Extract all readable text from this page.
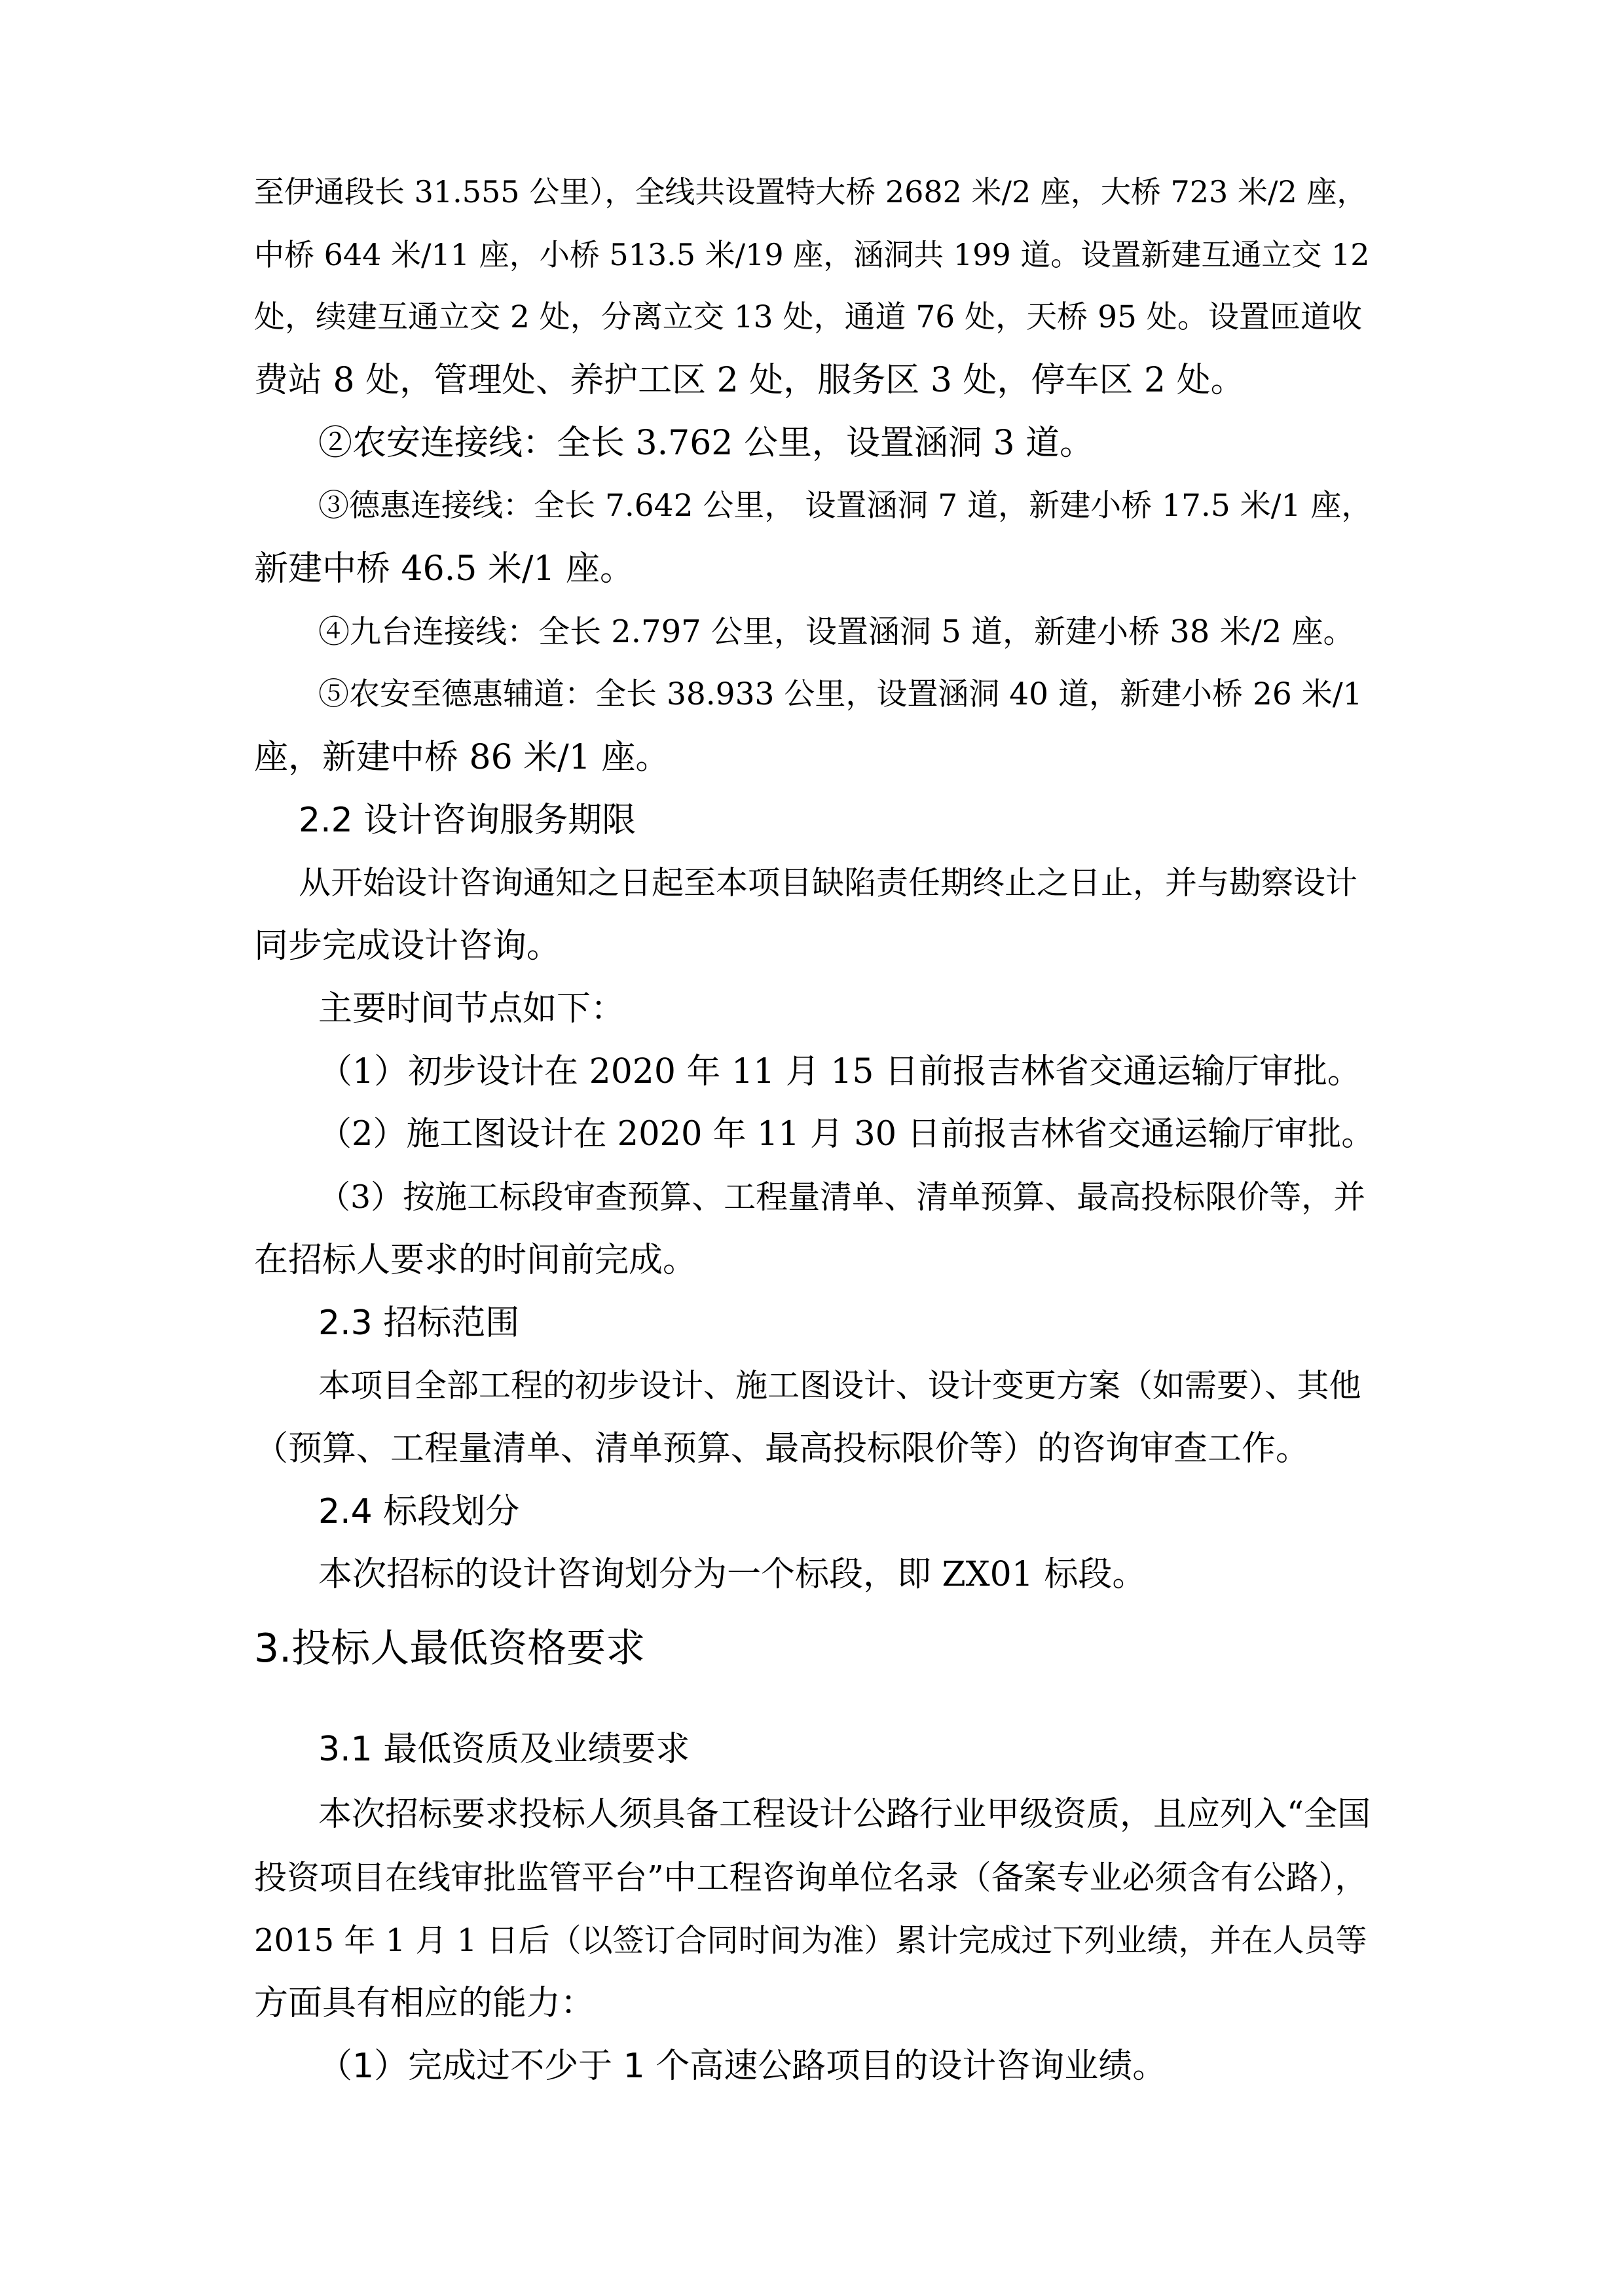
至伊通段长 31.555 公里），全线共设置特大桥 2682 米/2 座，大桥 723 米/2 座，
中桥 644 米/11 座，小桥 513.5 米/19 座，涵洞共 199 道。设置新建互通立交 12
处，续建互通立交 2 处，分离立交 13 处，通道 76 处，天桥 95 处。设置匝道收
费站 8 处，管理处、养护工区 2 处，服务区 3 处，停车区 2 处。
②农安连接线：全长 3.762 公里，设置涵洞 3 道。
③德惠连接线：全长 7.642 公里， 设置涵洞 7 道，新建小桥 17.5 米/1 座，
新建中桥 46.5 米/1 座。
④九台连接线：全长 2.797 公里，设置涵洞 5 道，新建小桥 38 米/2 座。
⑤农安至德惠辅道：全长 38.933 公里，设置涵洞 40 道，新建小桥 26 米/1
座，新建中桥 86 米/1 座。
2.2 设计咨询服务期限
从开始设计咨询通知之日起至本项目缺陷责任期终止之日止，并与勘察设计
同步完成设计咨询。
主要时间节点如下：
（1）初步设计在 2020 年 11 月 15 日前报吉林省交通运输厅审批。
（2）施工图设计在 2020 年 11 月 30 日前报吉林省交通运输厅审批。
（3）按施工标段审查预算、工程量清单、清单预算、最高投标限价等，并
在招标人要求的时间前完成。
2.3 招标范围
本项目全部工程的初步设计、施工图设计、设计变更方案（如需要）、其他
（预算、工程量清单、清单预算、最高投标限价等）的咨询审查工作。
2.4 标段划分
本次招标的设计咨询划分为一个标段，即 ZX01 标段。
3.投标人最低资格要求
3.1 最低资质及业绩要求
本次招标要求投标人须具备工程设计公路行业甲级资质，且应列入“全国
投资项目在线审批监管平台”中工程咨询单位名录（备案专业必须含有公路），
2015 年 1 月 1 日后（以签订合同时间为准）累计完成过下列业绩，并在人员等
方面具有相应的能力：
（1）完成过不少于 1 个高速公路项目的设计咨询业绩。
